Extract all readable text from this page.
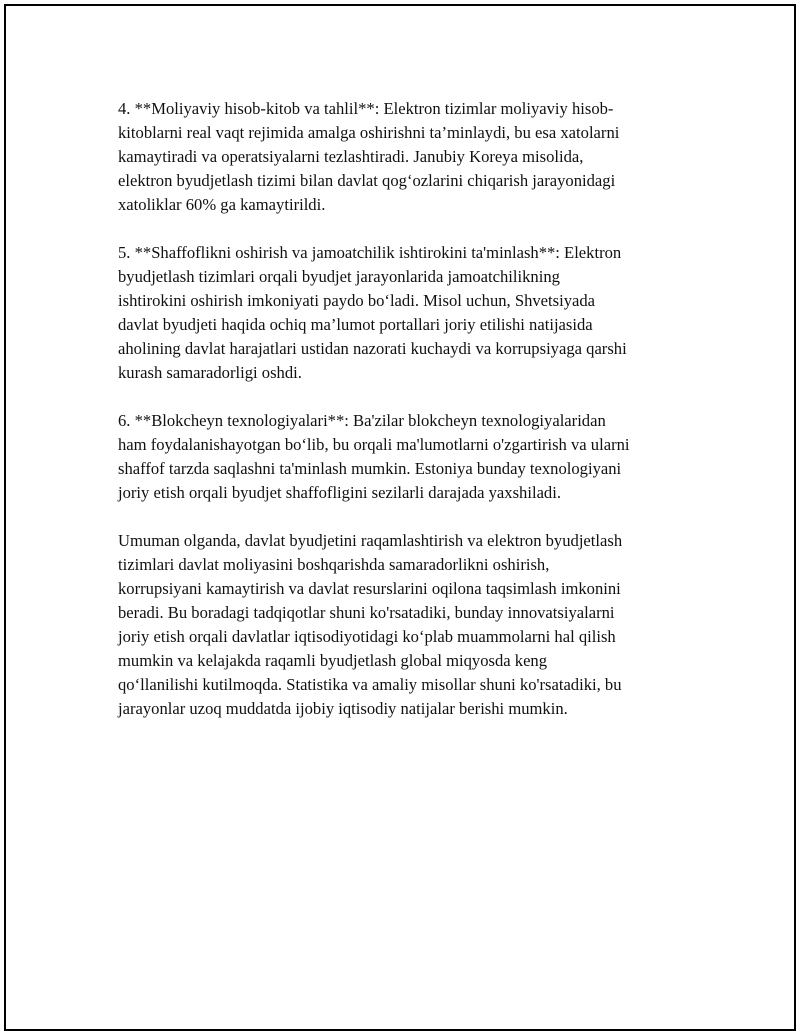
4. **Moliyaviy hisob-kitob va tahlil**: Elektron tizimlar moliyaviy hisob-
kitoblarni real vaqt rejimida amalga oshirishni ta’minlaydi, bu esa xatolarni
kamaytiradi va operatsiyalarni tezlashtiradi. Janubiy Koreya misolida,
elektron byudjetlash tizimi bilan davlat qog‘ozlarini chiqarish jarayonidagi
xatoliklar 60% ga kamaytirildi.

5. **Shaffoflikni oshirish va jamoatchilik ishtirokini ta'minlash**: Elektron
byudjetlash tizimlari orqali byudjet jarayonlarida jamoatchilikning
ishtirokini oshirish imkoniyati paydo bo‘ladi. Misol uchun, Shvetsiyada
davlat byudjeti haqida ochiq ma’lumot portallari joriy etilishi natijasida
aholining davlat harajatlari ustidan nazorati kuchaydi va korrupsiyaga qarshi
kurash samaradorligi oshdi.

6. **Blokcheyn texnologiyalari**: Ba'zilar blokcheyn texnologiyalaridan
ham foydalanishayotgan bo‘lib, bu orqali ma'lumotlarni o'zgartirish va ularni
shaffof tarzda saqlashni ta'minlash mumkin. Estoniya bunday texnologiyani
joriy etish orqali byudjet shaffofligini sezilarli darajada yaxshiladi.

Umuman olganda, davlat byudjetini raqamlashtirish va elektron byudjetlash
tizimlari davlat moliyasini boshqarishda samaradorlikni oshirish,
korrupsiyani kamaytirish va davlat resurslarini oqilona taqsimlash imkonini
beradi. Bu boradagi tadqiqotlar shuni ko'rsatadiki, bunday innovatsiyalarni
joriy etish orqali davlatlar iqtisodiyotidagi ko‘plab muammolarni hal qilish
mumkin va kelajakda raqamli byudjetlash global miqyosda keng
qo‘llanilishi kutilmoqda. Statistika va amaliy misollar shuni ko'rsatadiki, bu
jarayonlar uzoq muddatda ijobiy iqtisodiy natijalar berishi mumkin.
